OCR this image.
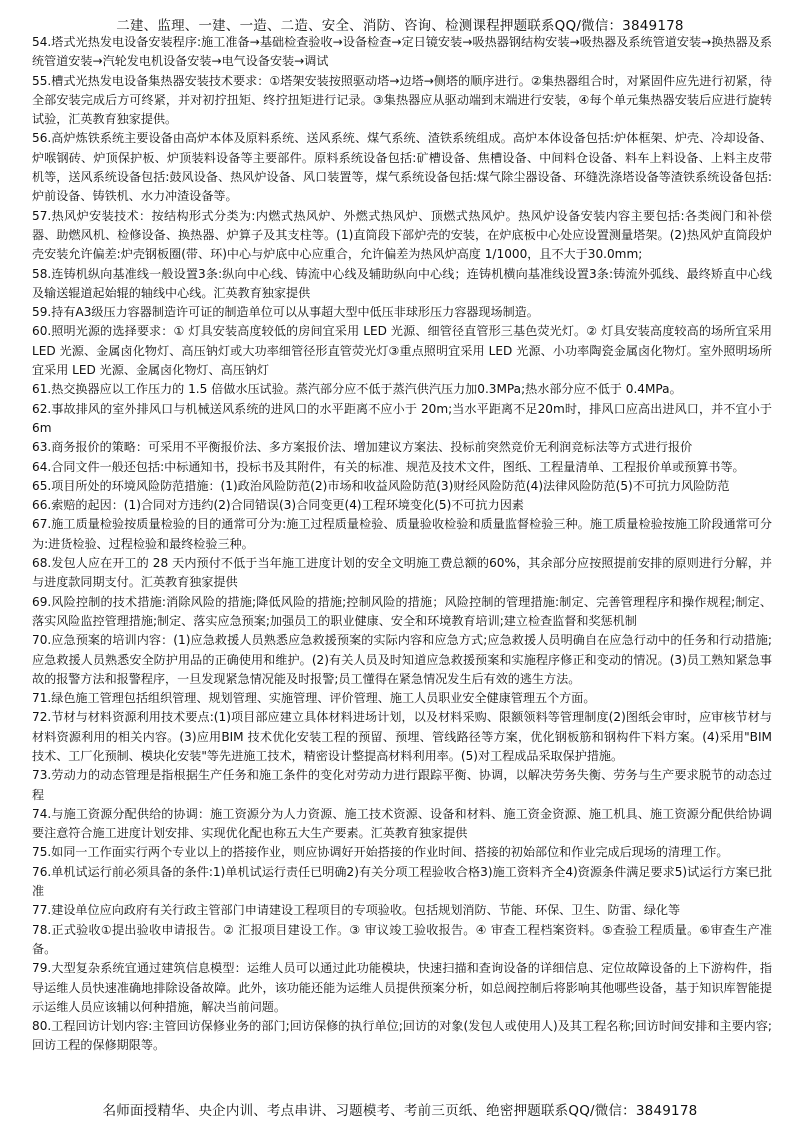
二建、监理、一建、一造、二造、安全、消防、咨询、检测课程押题联系QQ/微信：3849178

54.塔式光热发电设备安装程序:施工准备→基础检查验收→设备检查→定日镜安装→吸热器钢结构安装→吸热器及系统管道安装→换热器及系统管道安装→汽轮发电机设备安装→电气设备安装→调试

55.槽式光热发电设备集热器安装技术要求：①塔架安装按照驱动塔→边塔→侧塔的顺序进行。②集热器组合时，对紧固件应先进行初紧，待全部安装完成后方可终紧，并对初拧扭矩、终拧扭矩进行记录。③集热器应从驱动端到末端进行安装，④每个单元集热器安装后应进行旋转试验，汇英教育独家提供。

56.高炉炼铁系统主要设备由高炉本体及原料系统、送风系统、煤气系统、渣铁系统组成。高炉本体设备包括:炉体框架、炉壳、冷却设备、炉喉钢砖、炉顶保护板、炉顶装料设备等主要部件。原料系统设备包括:矿槽设备、焦槽设备、中间料仓设备、料车上料设备、上料主皮带机等，送风系统设备包括:鼓风设备、热风炉设备、风口装置等，煤气系统设备包括:煤气除尘器设备、环缝洗涤塔设备等渣铁系统设备包括:炉前设备、铸铁机、水力冲渣设备等。

57.热风炉安装技术：按结构形式分类为:内燃式热风炉、外燃式热风炉、顶燃式热风炉。热风炉设备安装内容主要包括:各类阀门和补偿器、助燃风机、检修设备、换热器、炉算子及其支柱等。(1)直筒段下部炉壳的安装，在炉底板中心处应设置测量塔架。(2)热风炉直筒段炉壳安装允许偏差:炉壳钢板圈(带、环)中心与炉底中心应重合，允许偏差为热风炉高度 1/1000，且不大于30.0mm;

58.连铸机纵向基准线一般设置3条:纵向中心线、铸流中心线及辅助纵向中心线；连铸机横向基准线设置3条:铸流外弧线、最终矫直中心线及输送辊道起始辊的轴线中心线。汇英教育独家提供

59.持有A3级压力容器制造许可证的制造单位可以从事超大型中低压非球形压力容器现场制造。

60.照明光源的选择要求：① 灯具安装高度较低的房间宜采用 LED 光源、细管径直管形三基色荧光灯。② 灯具安装高度较高的场所宜采用 LED 光源、金属卤化物灯、高压钠灯或大功率细管径形直管荧光灯③重点照明宜采用 LED 光源、小功率陶瓷金属卤化物灯。室外照明场所宜采用 LED 光源、金属卤化物灯、高压钠灯

61.热交换器应以工作压力的 1.5 倍做水压试验。蒸汽部分应不低于蒸汽供汽压力加0.3MPa;热水部分应不低于 0.4MPa。

62.事故排风的室外排风口与机械送风系统的进风口的水平距离不应小于 20m;当水平距离不足20m时，排风口应高出进风口，并不宜小于 6m

63.商务报价的策略：可采用不平衡报价法、多方案报价法、增加建议方案法、投标前突然竞价无利润竞标法等方式进行报价

64.合同文件一般还包括:中标通知书，投标书及其附件，有关的标准、规范及技术文件，图纸、工程量清单、工程报价单或预算书等。

65.项目所处的环境风险防范措施：(1)政治风险防范(2)市场和收益风险防范(3)财经风险防范(4)法律风险防范(5)不可抗力风险防范

66.索赔的起因：(1)合同对方违约(2)合同错误(3)合同变更(4)工程环境变化(5)不可抗力因素

67.施工质量检验按质量检验的目的通常可分为:施工过程质量检验、质量验收检验和质量监督检验三种。施工质量检验按施工阶段通常可分为:进货检验、过程检验和最终检验三种。

68.发包人应在开工的 28 天内预付不低于当年施工进度计划的安全文明施工费总额的60%，其余部分应按照提前安排的原则进行分解，并与进度款同期支付。汇英教育独家提供

69.风险控制的技术措施:消除风险的措施;降低风险的措施;控制风险的措施；风险控制的管理措施:制定、完善管理程序和操作规程;制定、落实风险监控管理措施;制定、落实应急预案;加强员工的职业健康、安全和环境教育培训;建立检查监督和奖惩机制

70.应急预案的培训内容：(1)应急救援人员熟悉应急救援预案的实际内容和应急方式;应急救援人员明确自在应急行动中的任务和行动措施;应急救援人员熟悉安全防护用品的正确使用和维护。(2)有关人员及时知道应急救援预案和实施程序修正和变动的情况。(3)员工熟知紧急事故的报警方法和报警程序，一旦发现紧急情况能及时报警;员工懂得在紧急情况发生后有效的逃生方法。

71.绿色施工管理包括组织管理、规划管理、实施管理、评价管理、施工人员职业安全健康管理五个方面。

72.节材与材料资源利用技术要点:(1)项目部应建立具体材料进场计划，以及材料采购、限额领料等管理制度(2)图纸会审时，应审核节材与材料资源利用的相关内容。(3)应用BIM 技术优化安装工程的预留、预埋、管线路径等方案，优化钢板筋和钢构件下料方案。(4)采用"BIM 技术、工厂化预制、模块化安装"等先进施工技术，精密设计整提高材料利用率。(5)对工程成品采取保护措施。

73.劳动力的动态管理是指根据生产任务和施工条件的变化对劳动力进行跟踪平衡、协调，以解决劳务失衡、劳务与生产要求脱节的动态过程

74.与施工资源分配供给的协调：施工资源分为人力资源、施工技术资源、设备和材料、施工资金资源、施工机具、施工资源分配供给协调要注意符合施工进度计划安排、实现优化配也称五大生产要素。汇英教育独家提供

75.如同一工作面实行两个专业以上的搭接作业，则应协调好开始搭接的作业时间、搭接的初始部位和作业完成后现场的清理工作。

76.单机试运行前必须具备的条件:1)单机试运行责任已明确2)有关分项工程验收合格3)施工资料齐全4)资源条件满足要求5)试运行方案已批准

77.建设单位应向政府有关行政主管部门申请建设工程项目的专项验收。包括规划消防、节能、环保、卫生、防雷、绿化等

78.正式验收①提出验收申请报告。② 汇报项目建设工作。③ 审议竣工验收报告。④ 审查工程档案资料。⑤查验工程质量。⑥审查生产准备。

79.大型复杂系统宜通过建筑信息模型：运维人员可以通过此功能模块，快速扫描和查询设备的详细信息、定位故障设备的上下游构件，指导运维人员快速准确地排除设备故障。此外，该功能还能为运维人员提供预案分析，如总阀控制后将影响其他哪些设备，基于知识库智能提示运维人员应该辅以何种措施，解决当前问题。

80.工程回访计划内容:主管回访保修业务的部门;回访保修的执行单位;回访的对象(发包人或使用人)及其工程名称;回访时间安排和主要内容;回访工程的保修期限等。

名师面授精华、央企内训、考点串讲、习题模考、考前三页纸、绝密押题联系QQ/微信：3849178
